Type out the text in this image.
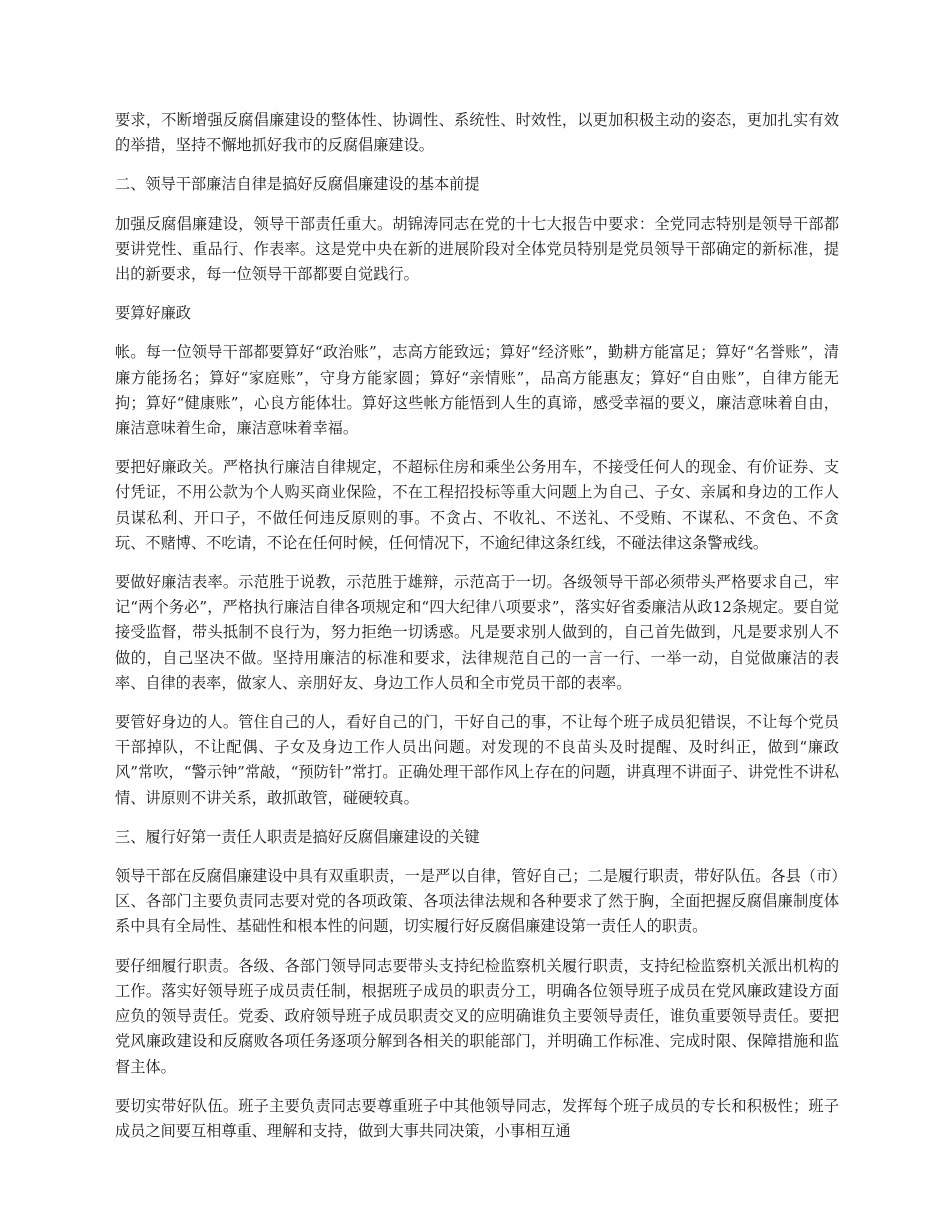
要求，不断增强反腐倡廉建设的整体性、协调性、系统性、时效性，以更加积极主动的姿态，更加扎实有效的举措，坚持不懈地抓好我市的反腐倡廉建设。

二、领导干部廉洁自律是搞好反腐倡廉建设的基本前提

加强反腐倡廉建设，领导干部责任重大。胡锦涛同志在党的十七大报告中要求：全党同志特别是领导干部都要讲党性、重品行、作表率。这是党中央在新的进展阶段对全体党员特别是党员领导干部确定的新标准，提出的新要求，每一位领导干部都要自觉践行。

要算好廉政

帐。每一位领导干部都要算好“政治账”，志高方能致远；算好“经济账”，勤耕方能富足；算好“名誉账”，清廉方能扬名；算好“家庭账”，守身方能家圆；算好“亲情账”，品高方能惠友；算好“自由账”，自律方能无拘；算好“健康账”，心良方能体壮。算好这些帐方能悟到人生的真谛，感受幸福的要义，廉洁意味着自由，廉洁意味着生命，廉洁意味着幸福。

要把好廉政关。严格执行廉洁自律规定，不超标住房和乘坐公务用车，不接受任何人的现金、有价证券、支付凭证，不用公款为个人购买商业保险，不在工程招投标等重大问题上为自己、子女、亲属和身边的工作人员谋私利、开口子，不做任何违反原则的事。不贪占、不收礼、不送礼、不受贿、不谋私、不贪色、不贪玩、不赌博、不吃请，不论在任何时候，任何情况下，不逾纪律这条红线，不碰法律这条警戒线。

要做好廉洁表率。示范胜于说教，示范胜于雄辩，示范高于一切。各级领导干部必须带头严格要求自己，牢记“两个务必”，严格执行廉洁自律各项规定和“四大纪律八项要求”，落实好省委廉洁从政12条规定。要自觉接受监督，带头抵制不良行为，努力拒绝一切诱惑。凡是要求别人做到的，自己首先做到，凡是要求别人不做的，自己坚决不做。坚持用廉洁的标准和要求，法律规范自己的一言一行、一举一动，自觉做廉洁的表率、自律的表率，做家人、亲朋好友、身边工作人员和全市党员干部的表率。

要管好身边的人。管住自己的人，看好自己的门，干好自己的事，不让每个班子成员犯错误，不让每个党员干部掉队，不让配偶、子女及身边工作人员出问题。对发现的不良苗头及时提醒、及时纠正，做到“廉政风”常吹，“警示钟”常敲，“预防针”常打。正确处理干部作风上存在的问题，讲真理不讲面子、讲党性不讲私情、讲原则不讲关系，敢抓敢管，碰硬较真。

三、履行好第一责任人职责是搞好反腐倡廉建设的关键

领导干部在反腐倡廉建设中具有双重职责，一是严以自律，管好自己；二是履行职责，带好队伍。各县（市）区、各部门主要负责同志要对党的各项政策、各项法律法规和各种要求了然于胸，全面把握反腐倡廉制度体系中具有全局性、基础性和根本性的问题，切实履行好反腐倡廉建设第一责任人的职责。

要仔细履行职责。各级、各部门领导同志要带头支持纪检监察机关履行职责，支持纪检监察机关派出机构的工作。落实好领导班子成员责任制，根据班子成员的职责分工，明确各位领导班子成员在党风廉政建设方面应负的领导责任。党委、政府领导班子成员职责交叉的应明确谁负主要领导责任，谁负重要领导责任。要把党风廉政建设和反腐败各项任务逐项分解到各相关的职能部门，并明确工作标准、完成时限、保障措施和监督主体。

要切实带好队伍。班子主要负责同志要尊重班子中其他领导同志，发挥每个班子成员的专长和积极性；班子成员之间要互相尊重、理解和支持，做到大事共同决策，小事相互通
